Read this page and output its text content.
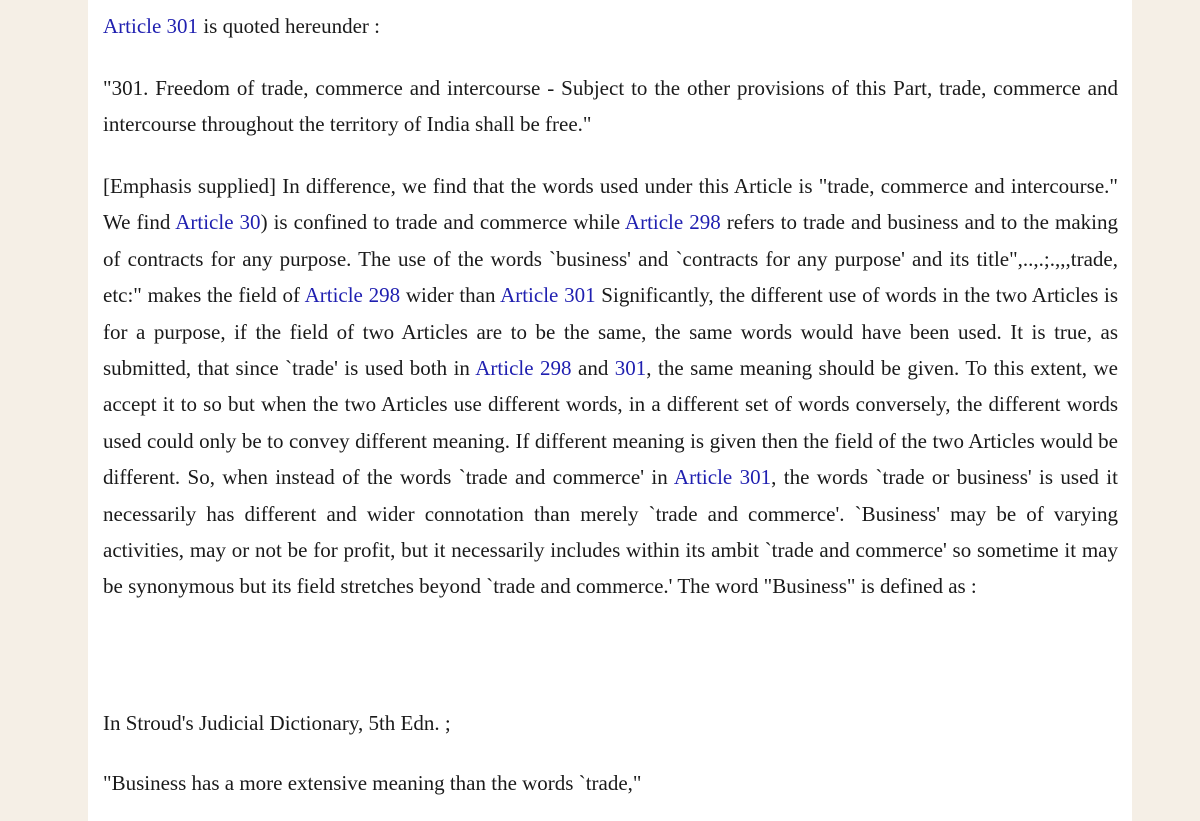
Article 301 is quoted hereunder :

"301. Freedom of trade, commerce and intercourse - Subject to the other provisions of this Part, trade, commerce and intercourse throughout the territory of India shall be free."

[Emphasis supplied] In difference, we find that the words used under this Article is "trade, commerce and intercourse." We find Article 30) is confined to trade and commerce while Article 298 refers to trade and business and to the making of contracts for any purpose. The use of the words `business' and `contracts for any purpose' and its title",..,.;.,,,trade, etc:" makes the field of Article 298 wider than Article 301 Significantly, the different use of words in the two Articles is for a purpose, if the field of two Articles are to be the same, the same words would have been used. It is true, as submitted, that since `trade' is used both in Article 298 and 301, the same meaning should be given. To this extent, we accept it to so but when the two Articles use different words, in a different set of words conversely, the different words used could only be to convey different meaning. If different meaning is given then the field of the two Articles would be different. So, when instead of the words `trade and commerce' in Article 301, the words `trade or business' is used it necessarily has different and wider connotation than merely `trade and commerce'. `Business' may be of varying activities, may or not be for profit, but it necessarily includes within its ambit `trade and commerce' so sometime it may be synonymous but its field stretches beyond `trade and commerce.' The word "Business" is defined as :

In Stroud's Judicial Dictionary, 5th Edn. ;

"Business has a more extensive meaning than the words `trade,"
